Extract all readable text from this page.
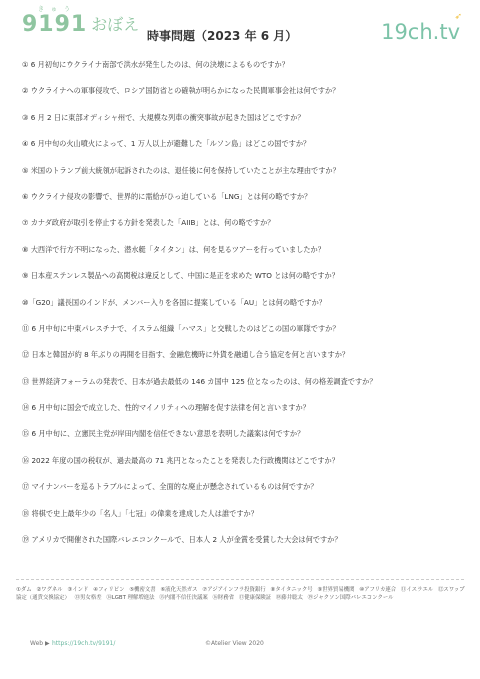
きゅう
9191 おぼえ
時事問題（2023 年 6 月）	19ch.tv
➶
① 6 月初旬にウクライナ南部で洪水が発生したのは、何の決壊によるものですか？
② ウクライナへの軍事侵攻で、ロシア国防省との確執が明らかになった民間軍事会社は何ですか？
③ 6 月 2 日に東部オディシャ州で、大規模な列車の衝突事故が起きた国はどこですか？
④ 6 月中旬の火山噴火によって、1 万人以上が避難した「ルソン島」はどこの国ですか？
⑤ 米国のトランプ前大統領が起訴されたのは、退任後に何を保持していたことが主な理由ですか？
⑥ ウクライナ侵攻の影響で、世界的に需給がひっ迫している「LNG」とは何の略ですか？
⑦ カナダ政府が取引を停止する方針を発表した「AIIB」とは、何の略ですか？
⑧ 大西洋で行方不明になった、潜水艇「タイタン」は、何を見るツアーを行っていましたか？
⑨ 日本産ステンレス製品への高関税は違反として、中国に是正を求めた WTO とは何の略ですか？
⑩「G20」議長国のインドが、メンバー入りを各国に提案している「AU」とは何の略ですか？
⑪ 6 月中旬に中東パレスチナで、イスラム組織「ハマス」と交戦したのはどこの国の軍隊ですか？
⑫ 日本と韓国が約 8 年ぶりの再開を目指す、金融危機時に外貨を融通し合う協定を何と言いますか？
⑬ 世界経済フォーラムの発表で、日本が過去最低の 146 カ国中 125 位となったのは、何の格差調査ですか？
⑭ 6 月中旬に国会で成立した、性的マイノリティへの理解を促す法律を何と言いますか？
⑮ 6 月中旬に、立憲民主党が岸田内閣を信任できない意思を表明した議案は何ですか？
⑯ 2022 年度の国の税収が、過去最高の 71 兆円となったことを発表した行政機関はどこですか？
⑰ マイナンバーを巡るトラブルによって、全面的な廃止が懸念されているものは何ですか？
⑱ 将棋で史上最年少の「名人」「七冠」の偉業を達成した人は誰ですか？
⑲ アメリカで開催された国際バレエコンクールで、日本人 2 人が金賞を受賞した大会は何ですか？
①ダム ②ワグネル ③インド ④フィリピン ⑤機密文書 ⑥液化天然ガス ⑦アジアインフラ投資銀行 ⑧タイタニック号 ⑨世界貿易機関 ⑩アフリカ連合 ⑪イスラエル ⑫スワップ協定（通貨交換協定） ⑬男女格差 ⑭LGBT 理解増進法 ⑮内閣不信任決議案 ⑯財務省 ⑰健康保険証 ⑱藤井聡太 ⑲ジャクソン国際バレエコンクール
Web ▶ https://19ch.tv/9191/	©Atelier View 2020
